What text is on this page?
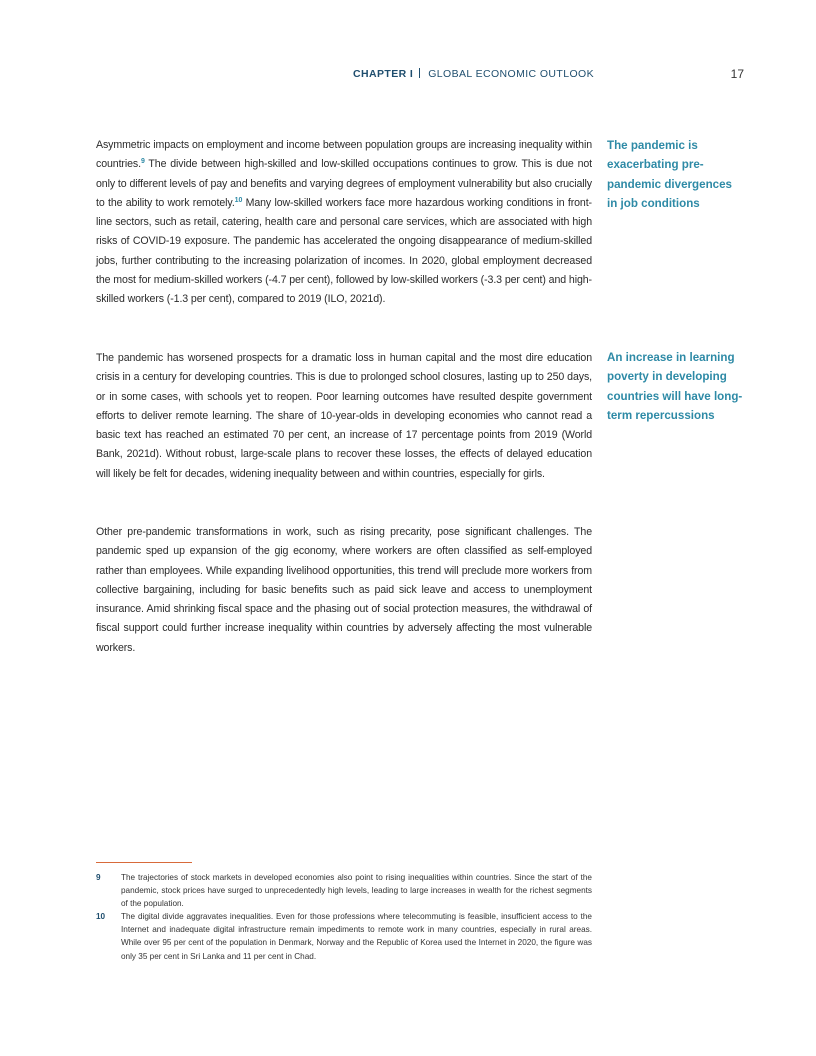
CHAPTER I GLOBAL ECONOMIC OUTLOOK	17

Asymmetric impacts on employment and income between population groups are increasing inequality within countries.$^9$ The divide between high-skilled and low-skilled occupations continues to grow. This is due not only to different levels of pay and benefits and varying degrees of employment vulnerability but also crucially to the ability to work remotely.$^{10}$ Many low-skilled workers face more hazardous working conditions in front-line sectors, such as retail, catering, health care and personal care services, which are associated with high risks of COVID-19 exposure. The pandemic has accelerated the ongoing disappearance of medium-skilled jobs, further contributing to the increasing polarization of incomes. In 2020, global employment decreased the most for medium-skilled workers (-4.7 per cent), followed by low-skilled workers (-3.3 per cent) and high-skilled workers (-1.3 per cent), compared to 2019 (ILO, 2021d).

The pandemic is exacerbating pre-pandemic divergences in job conditions

The pandemic has worsened prospects for a dramatic loss in human capital and the most dire education crisis in a century for developing countries. This is due to prolonged school closures, lasting up to 250 days, or in some cases, with schools yet to reopen. Poor learning outcomes have resulted despite government efforts to deliver remote learning. The share of 10-year-olds in developing economies who cannot read a basic text has reached an estimated 70 per cent, an increase of 17 percentage points from 2019 (World Bank, 2021d). Without robust, large-scale plans to recover these losses, the effects of delayed education will likely be felt for decades, widening inequality between and within countries, especially for girls.

An increase in learning poverty in developing countries will have long-term repercussions

Other pre-pandemic transformations in work, such as rising precarity, pose significant challenges. The pandemic sped up expansion of the gig economy, where workers are often classified as self-employed rather than employees. While expanding livelihood opportunities, this trend will preclude more workers from collective bargaining, including for basic benefits such as paid sick leave and access to unemployment insurance. Amid shrinking fiscal space and the phasing out of social protection measures, the withdrawal of fiscal support could further increase inequality within countries by adversely affecting the most vulnerable workers.

9 The trajectories of stock markets in developed economies also point to rising inequalities within countries. Since the start of the pandemic, stock prices have surged to unprecedentedly high levels, leading to large increases in wealth for the richest segments of the population.
10 The digital divide aggravates inequalities. Even for those professions where telecommuting is feasible, insufficient access to the Internet and inadequate digital infrastructure remain impediments to remote work in many countries, especially in rural areas. While over 95 per cent of the population in Denmark, Norway and the Republic of Korea used the Internet in 2020, the figure was only 35 per cent in Sri Lanka and 11 per cent in Chad.
